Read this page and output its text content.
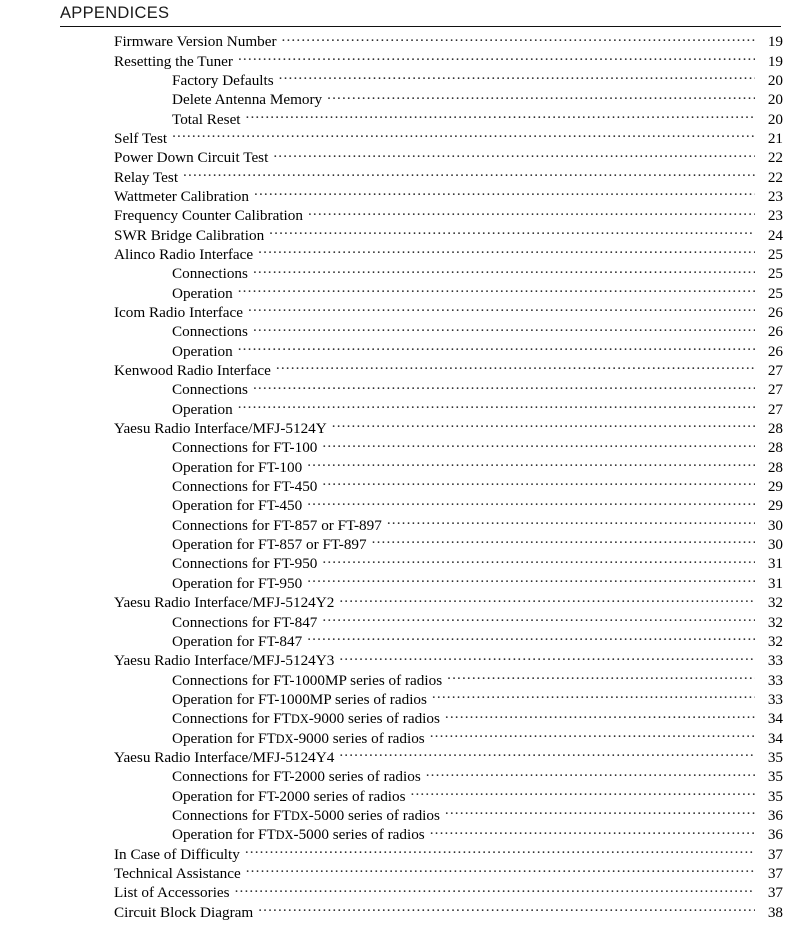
APPENDICES
Firmware Version Number .....	19
Resetting the Tuner .....	19
Factory Defaults .....	20
Delete Antenna Memory .....	20
Total Reset .....	20
Self Test .....	21
Power Down Circuit Test .....	22
Relay Test .....	22
Wattmeter Calibration .....	23
Frequency Counter Calibration .....	23
SWR Bridge Calibration .....	24
Alinco Radio Interface .....	25
Connections .....	25
Operation .....	25
Icom Radio Interface .....	26
Connections .....	26
Operation .....	26
Kenwood Radio Interface .....	27
Connections .....	27
Operation .....	27
Yaesu Radio Interface/MFJ-5124Y .....	28
Connections for FT-100 .....	28
Operation for FT-100 .....	28
Connections for FT-450 .....	29
Operation for FT-450 .....	29
Connections for FT-857 or FT-897 .....	30
Operation for FT-857 or FT-897 .....	30
Connections for FT-950 .....	31
Operation for FT-950 .....	31
Yaesu Radio Interface/MFJ-5124Y2 .....	32
Connections for FT-847 .....	32
Operation for FT-847 .....	32
Yaesu Radio Interface/MFJ-5124Y3 .....	33
Connections for FT-1000MP series of radios .....	33
Operation for FT-1000MP series of radios .....	33
Connections for FTDX-9000 series of radios .....	34
Operation for FTDX-9000 series of radios .....	34
Yaesu Radio Interface/MFJ-5124Y4 .....	35
Connections for FT-2000 series of radios .....	35
Operation for FT-2000 series of radios .....	35
Connections for FTDX-5000 series of radios .....	36
Operation for FTDX-5000 series of radios .....	36
In Case of Difficulty .....	37
Technical Assistance .....	37
List of Accessories .....	37
Circuit Block Diagram .....	38
